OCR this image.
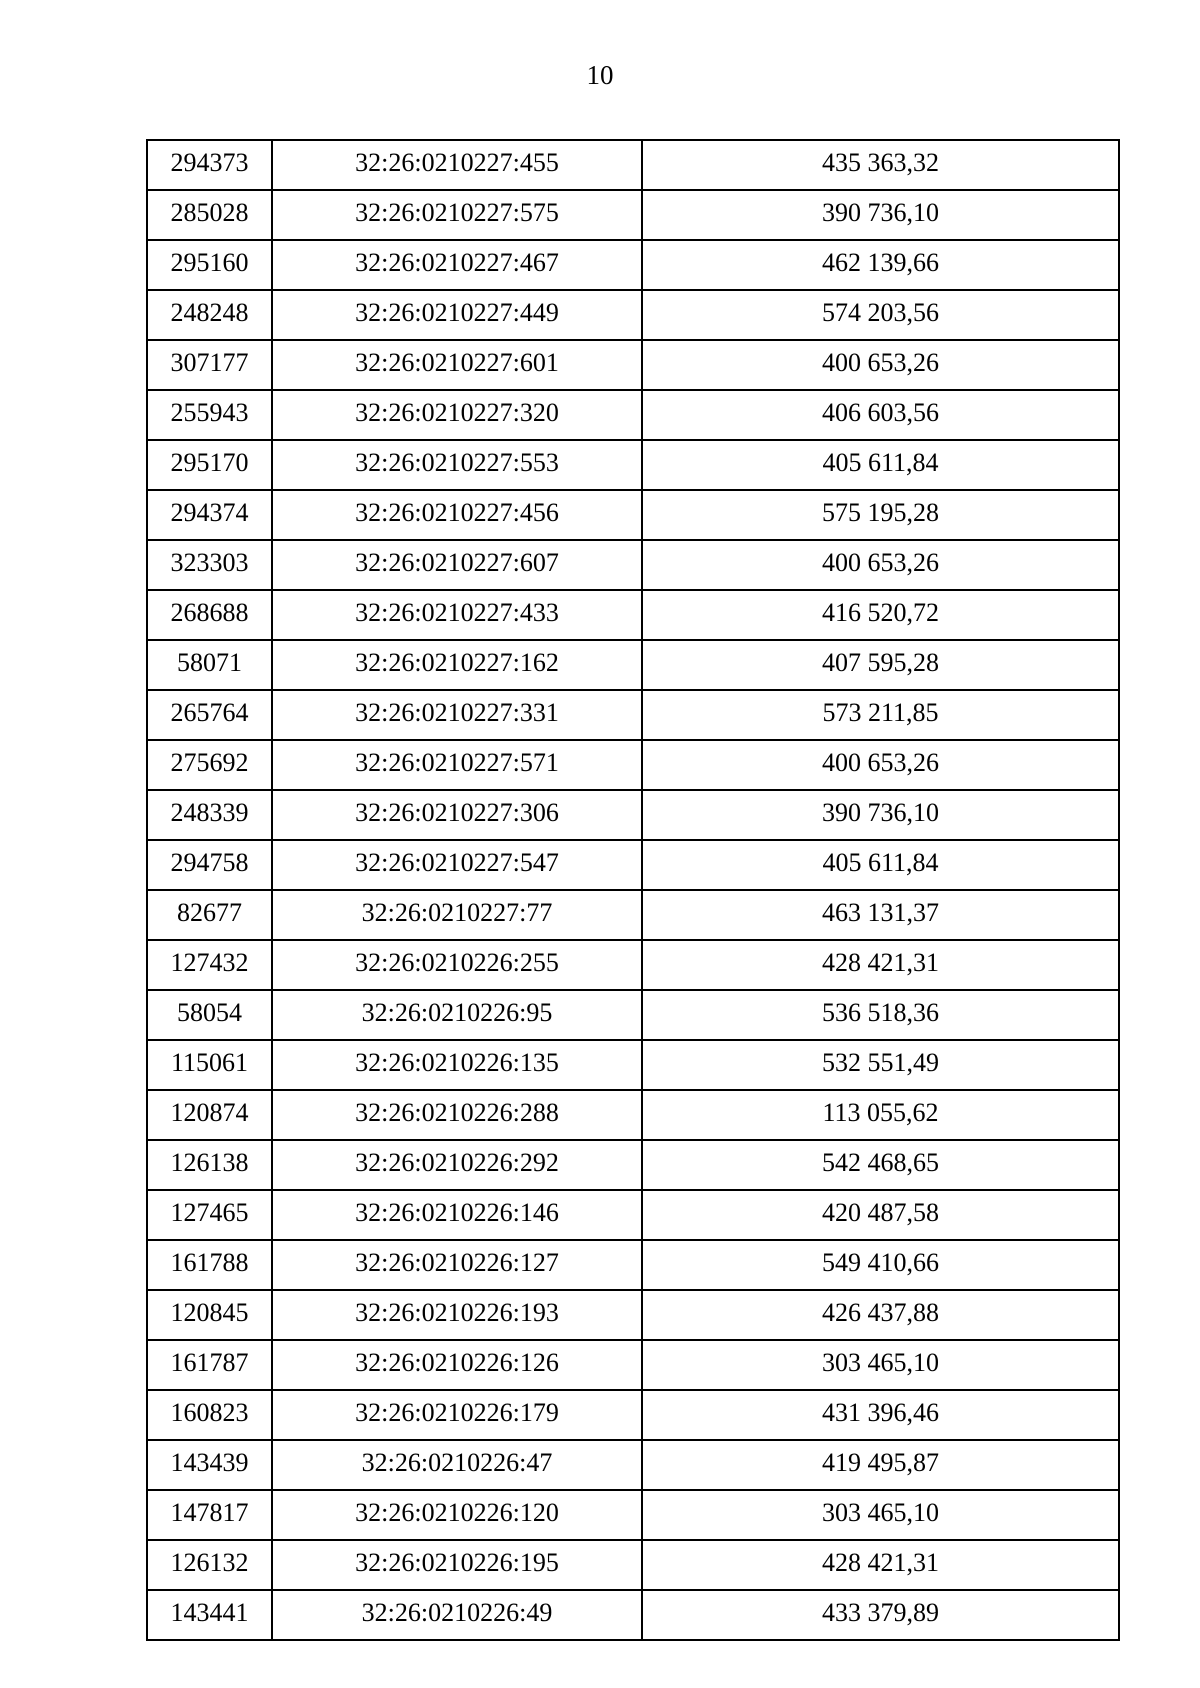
10
294373	32:26:0210227:455	435 363,32
285028	32:26:0210227:575	390 736,10
295160	32:26:0210227:467	462 139,66
248248	32:26:0210227:449	574 203,56
307177	32:26:0210227:601	400 653,26
255943	32:26:0210227:320	406 603,56
295170	32:26:0210227:553	405 611,84
294374	32:26:0210227:456	575 195,28
323303	32:26:0210227:607	400 653,26
268688	32:26:0210227:433	416 520,72
58071	32:26:0210227:162	407 595,28
265764	32:26:0210227:331	573 211,85
275692	32:26:0210227:571	400 653,26
248339	32:26:0210227:306	390 736,10
294758	32:26:0210227:547	405 611,84
82677	32:26:0210227:77	463 131,37
127432	32:26:0210226:255	428 421,31
58054	32:26:0210226:95	536 518,36
115061	32:26:0210226:135	532 551,49
120874	32:26:0210226:288	113 055,62
126138	32:26:0210226:292	542 468,65
127465	32:26:0210226:146	420 487,58
161788	32:26:0210226:127	549 410,66
120845	32:26:0210226:193	426 437,88
161787	32:26:0210226:126	303 465,10
160823	32:26:0210226:179	431 396,46
143439	32:26:0210226:47	419 495,87
147817	32:26:0210226:120	303 465,10
126132	32:26:0210226:195	428 421,31
143441	32:26:0210226:49	433 379,89
